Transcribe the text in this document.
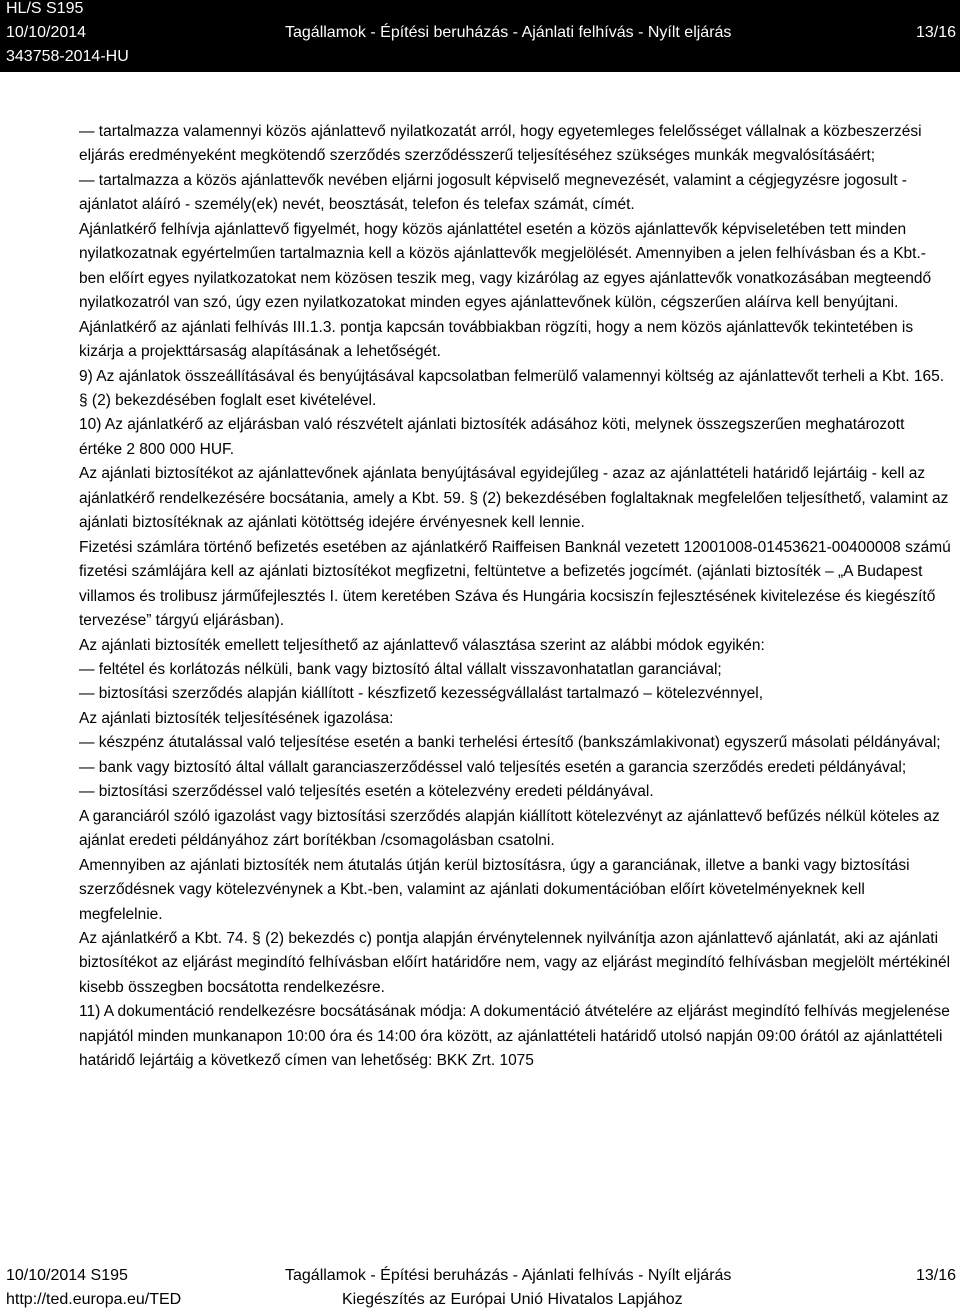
HL/S S195
10/10/2014
343758-2014-HU
Tagállamok - Építési beruházás - Ajánlati felhívás - Nyílt eljárás	13/16

— tartalmazza valamennyi közös ajánlattevő nyilatkozatát arról, hogy egyetemleges felelősséget vállalnak a közbeszerzési eljárás eredményeként megkötendő szerződés szerződésszerű teljesítéséhez szükséges munkák megvalósításáért;

— tartalmazza a közös ajánlattevők nevében eljárni jogosult képviselő megnevezését, valamint a cégjegyzésre jogosult - ajánlatot aláíró - személy(ek) nevét, beosztását, telefon és telefax számát, címét.

Ajánlatkérő felhívja ajánlattevő figyelmét, hogy közös ajánlattétel esetén a közös ajánlattevők képviseletében tett minden nyilatkozatnak egyértelműen tartalmaznia kell a közös ajánlattevők megjelölését. Amennyiben a jelen felhívásban és a Kbt.-ben előírt egyes nyilatkozatokat nem közösen teszik meg, vagy kizárólag az egyes ajánlattevők vonatkozásában megteendő nyilatkozatról van szó, úgy ezen nyilatkozatokat minden egyes ajánlattevőnek külön, cégszerűen aláírva kell benyújtani.

Ajánlatkérő az ajánlati felhívás III.1.3. pontja kapcsán továbbiakban rögzíti, hogy a nem közös ajánlattevők tekintetében is kizárja a projekttársaság alapításának a lehetőségét.

9) Az ajánlatok összeállításával és benyújtásával kapcsolatban felmerülő valamennyi költség az ajánlattevőt terheli a Kbt. 165. § (2) bekezdésében foglalt eset kivételével.

10) Az ajánlatkérő az eljárásban való részvételt ajánlati biztosíték adásához köti, melynek összegszerűen meghatározott értéke 2 800 000 HUF.

Az ajánlati biztosítékot az ajánlattevőnek ajánlata benyújtásával egyidejűleg - azaz az ajánlattételi határidő lejártáig - kell az ajánlatkérő rendelkezésére bocsátania, amely a Kbt. 59. § (2) bekezdésében foglaltaknak megfelelően teljesíthető, valamint az ajánlati biztosítéknak az ajánlati kötöttség idejére érvényesnek kell lennie.

Fizetési számlára történő befizetés esetében az ajánlatkérő Raiffeisen Banknál vezetett 12001008-01453621-00400008 számú fizetési számlájára kell az ajánlati biztosítékot megfizetni, feltüntetve a befizetés jogcímét. (ajánlati biztosíték – „A Budapest villamos és trolibusz járműfejlesztés I. ütem keretében Száva és Hungária kocsiszín fejlesztésének kivitelezése és kiegészítő tervezése” tárgyú eljárásban).

Az ajánlati biztosíték emellett teljesíthető az ajánlattevő választása szerint az alábbi módok egyikén:

— feltétel és korlátozás nélküli, bank vagy biztosító által vállalt visszavonhatatlan garanciával;

— biztosítási szerződés alapján kiállított - készfizető kezességvállalást tartalmazó – kötelezvénnyel,

Az ajánlati biztosíték teljesítésének igazolása:

— készpénz átutalással való teljesítése esetén a banki terhelési értesítő (bankszámlakivonat) egyszerű másolati példányával;

— bank vagy biztosító által vállalt garanciaszerződéssel való teljesítés esetén a garancia szerződés eredeti példányával;

— biztosítási szerződéssel való teljesítés esetén a kötelezvény eredeti példányával.

A garanciáról szóló igazolást vagy biztosítási szerződés alapján kiállított kötelezvényt az ajánlattevő befűzés nélkül köteles az ajánlat eredeti példányához zárt borítékban /csomagolásban csatolni.

Amennyiben az ajánlati biztosíték nem átutalás útján kerül biztosításra, úgy a garanciának, illetve a banki vagy biztosítási szerződésnek vagy kötelezvénynek a Kbt.-ben, valamint az ajánlati dokumentációban előírt követelményeknek kell megfelelnie.

Az ajánlatkérő a Kbt. 74. § (2) bekezdés c) pontja alapján érvénytelennek nyilvánítja azon ajánlattevő ajánlatát, aki az ajánlati biztosítékot az eljárást megindító felhívásban előírt határidőre nem, vagy az eljárást megindító felhívásban megjelölt mértékinél kisebb összegben bocsátotta rendelkezésre.

11) A dokumentáció rendelkezésre bocsátásának módja: A dokumentáció átvételére az eljárást megindító felhívás megjelenése napjától minden munkanapon 10:00 óra és 14:00 óra között, az ajánlattételi határidő utolsó napján 09:00 órától az ajánlattételi határidő lejártáig a következő címen van lehetőség: BKK Zrt. 1075

10/10/2014 S195
http://ted.europa.eu/TED
Tagállamok - Építési beruházás - Ajánlati felhívás - Nyílt eljárás
Kiegészítés az Európai Unió Hivatalos Lapjához
13/16
